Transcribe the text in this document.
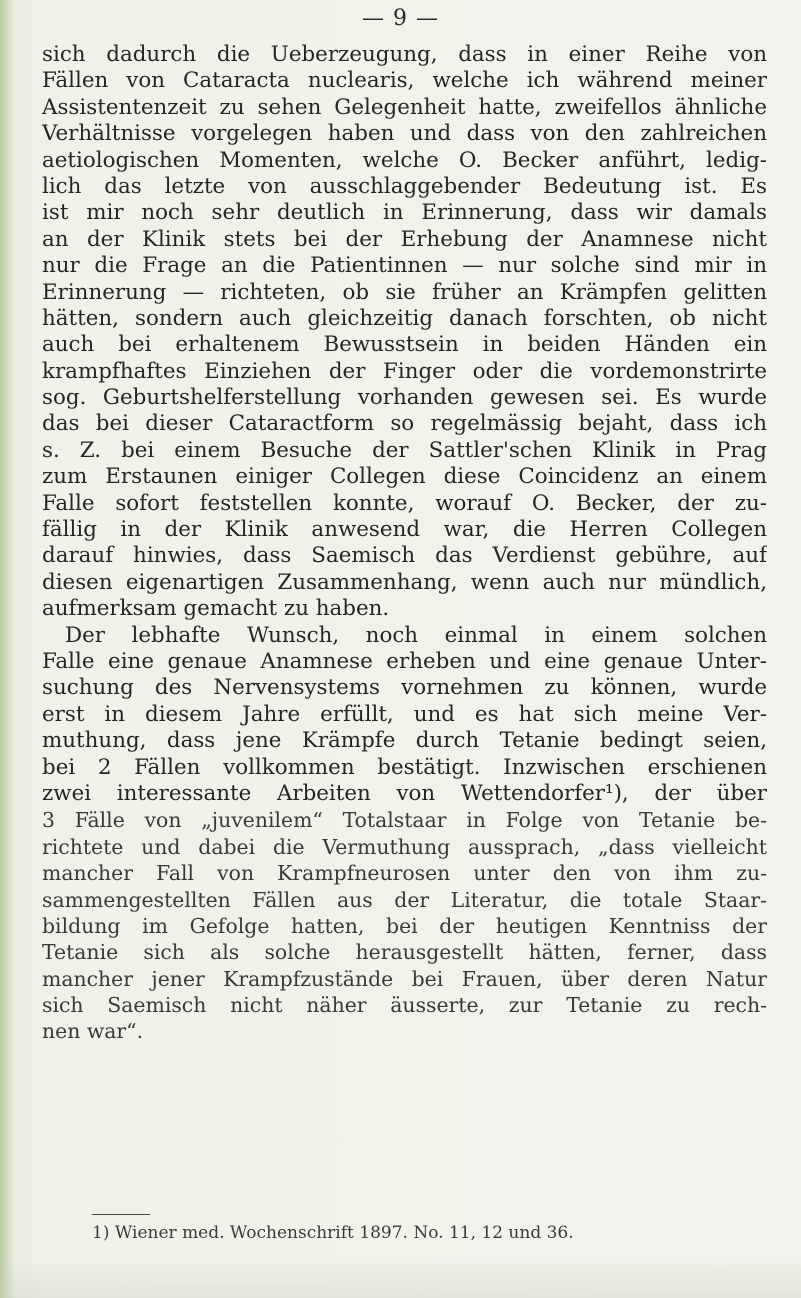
— 9 —
sich dadurch die Ueberzeugung, dass in einer Reihe von
Fällen von Cataracta nuclearis, welche ich während meiner
Assistentenzeit zu sehen Gelegenheit hatte, zweifellos ähnliche
Verhältnisse vorgelegen haben und dass von den zahlreichen
aetiologischen Momenten, welche O. Becker anführt, ledig-
lich das letzte von ausschlaggebender Bedeutung ist. Es
ist mir noch sehr deutlich in Erinnerung, dass wir damals
an der Klinik stets bei der Erhebung der Anamnese nicht
nur die Frage an die Patientinnen — nur solche sind mir in
Erinnerung — richteten, ob sie früher an Krämpfen gelitten
hätten, sondern auch gleichzeitig danach forschten, ob nicht
auch bei erhaltenem Bewusstsein in beiden Händen ein
krampfhaftes Einziehen der Finger oder die vordemonstrirte
sog. Geburtshelferstellung vorhanden gewesen sei. Es wurde
das bei dieser Cataractform so regelmässig bejaht, dass ich
s. Z. bei einem Besuche der Sattler'schen Klinik in Prag
zum Erstaunen einiger Collegen diese Coincidenz an einem
Falle sofort feststellen konnte, worauf O. Becker, der zu-
fällig in der Klinik anwesend war, die Herren Collegen
darauf hinwies, dass Saemisch das Verdienst gebühre, auf
diesen eigenartigen Zusammenhang, wenn auch nur mündlich,
aufmerksam gemacht zu haben.
Der lebhafte Wunsch, noch einmal in einem solchen
Falle eine genaue Anamnese erheben und eine genaue Unter-
suchung des Nervensystems vornehmen zu können, wurde
erst in diesem Jahre erfüllt, und es hat sich meine Ver-
muthung, dass jene Krämpfe durch Tetanie bedingt seien,
bei 2 Fällen vollkommen bestätigt. Inzwischen erschienen
zwei interessante Arbeiten von Wettendorfer¹), der über
3 Fälle von „juvenilem“ Totalstaar in Folge von Tetanie be-
richtete und dabei die Vermuthung aussprach, „dass vielleicht
mancher Fall von Krampfneurosen unter den von ihm zu-
sammengestellten Fällen aus der Literatur, die totale Staar-
bildung im Gefolge hatten, bei der heutigen Kenntniss der
Tetanie sich als solche herausgestellt hätten, ferner, dass
mancher jener Krampfzustände bei Frauen, über deren Natur
sich Saemisch nicht näher äusserte, zur Tetanie zu rech-
nen war“.
1) Wiener med. Wochenschrift 1897. No. 11, 12 und 36.
